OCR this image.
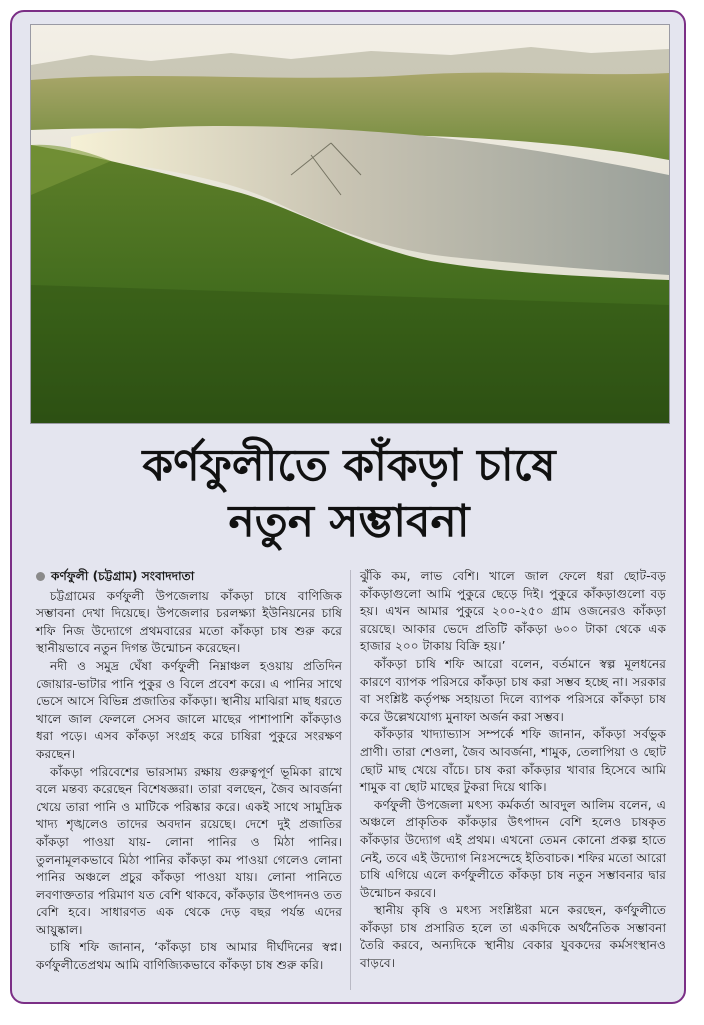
কর্ণফুলীতে কাঁকড়া চাষে
নতুন সম্ভাবনা
কর্ণফুলী (চট্টগ্রাম) সংবাদদাতা

চট্টগ্রামের কর্ণফুলী উপজেলায় কাঁকড়া চাষে বাণিজিক সম্ভাবনা দেখা দিয়েছে। উপজেলার চরলক্ষ্যা ইউনিয়নের চাষি শফি নিজ উদ্যোগে প্রথমবারের মতো কাঁকড়া চাষ শুরু করে স্থানীয়ভাবে নতুন দিগন্ত উন্মোচন করেছেন।

নদী ও সমুদ্র ঘেঁষা কর্ণফুলী নিম্নাঞ্চল হওয়ায় প্রতিদিন জোয়ার-ভাটার পানি পুকুর ও বিলে প্রবেশ করে। এ পানির সাথে ভেসে আসে বিভিন্ন প্রজাতির কাঁকড়া। স্থানীয় মাঝিরা মাছ ধরতে খালে জাল ফেললে সেসব জালে মাছের পাশাপাশি কাঁকড়াও ধরা পড়ে। এসব কাঁকড়া সংগ্রহ করে চাষিরা পুকুরে সংরক্ষণ করছেন।

কাঁকড়া পরিবেশের ভারসাম্য রক্ষায় গুরুত্বপূর্ণ ভূমিকা রাখে বলে মন্তব্য করেছেন বিশেষজ্ঞরা। তারা বলছেন, জৈব আবর্জনা খেয়ে তারা পানি ও মাটিকে পরিষ্কার করে। একই সাথে সামুদ্রিক খাদ্য শৃঙ্খলেও তাদের অবদান রয়েছে। দেশে দুই প্রজাতির কাঁকড়া পাওয়া যায়- লোনা পানির ও মিঠা পানির। তুলনামূলকভাবে মিঠা পানির কাঁকড়া কম পাওয়া গেলেও লোনা পানির অঞ্চলে প্রচুর কাঁকড়া পাওয়া যায়। লোনা পানিতে লবণাক্ততার পরিমাণ যত বেশি থাকবে, কাঁকড়ার উৎপাদনও তত বেশি হবে। সাধারণত এক থেকে দেড় বছর পর্যন্ত এদের আয়ুষ্কাল।

চাষি শফি জানান, ‘কাঁকড়া চাষ আমার দীর্ঘদিনের স্বপ্ন। কর্ণফুলীতেপ্রথম আমি বাণিজ্যিকভাবে কাঁকড়া চাষ শুরু করি।

ঝুঁকি কম, লাভ বেশি। খালে জাল ফেলে ধরা ছোট-বড় কাঁকড়াগুলো আমি পুকুরে ছেড়ে দিই। পুকুরে কাঁকড়াগুলো বড় হয়। এখন আমার পুকুরে ২০০-২৫০ গ্রাম ওজনেরও কাঁকড়া রয়েছে। আকার ভেদে প্রতিটি কাঁকড়া ৬০০ টাকা থেকে এক হাজার ২০০ টাকায় বিক্রি হয়।’

কাঁকড়া চাষি শফি আরো বলেন, বর্তমানে স্বল্প মূলধনের কারণে ব্যাপক পরিসরে কাঁকড়া চাষ করা সম্ভব হচ্ছে না। সরকার বা সংশ্লিষ্ট কর্তৃপক্ষ সহায়তা দিলে ব্যাপক পরিসরে কাঁকড়া চাষ করে উল্লেখযোগ্য মুনাফা অর্জন করা সম্ভব।

কাঁকড়ার খাদ্যাভ্যাস সম্পর্কে শফি জানান, কাঁকড়া সর্বভুক প্রাণী। তারা শেওলা, জৈব আবর্জনা, শামুক, তেলাপিয়া ও ছোট ছোট মাছ খেয়ে বাঁচে। চাষ করা কাঁকড়ার খাবার হিসেবে আমি শামুক বা ছোট মাছের টুকরা দিয়ে থাকি।

কর্ণফুলী উপজেলা মৎস্য কর্মকর্তা আবদুল আলিম বলেন, এ অঞ্চলে প্রাকৃতিক কাঁকড়ার উৎপাদন বেশি হলেও চাষকৃত কাঁকড়ার উদ্যোগ এই প্রথম। এখনো তেমন কোনো প্রকল্প হাতে নেই, তবে এই উদ্যোগ নিঃসন্দেহে ইতিবাচক। শফির মতো আরো চাষি এগিয়ে এলে কর্ণফুলীতে কাঁকড়া চাষ নতুন সম্ভাবনার দ্বার উন্মোচন করবে।

স্থানীয় কৃষি ও মৎস্য সংশ্লিষ্টরা মনে করছেন, কর্ণফুলীতে কাঁকড়া চাষ প্রসারিত হলে তা একদিকে অর্থনৈতিক সম্ভাবনা তৈরি করবে, অন্যদিকে স্থানীয় বেকার যুবকদের কর্মসংস্থানও বাড়বে।
